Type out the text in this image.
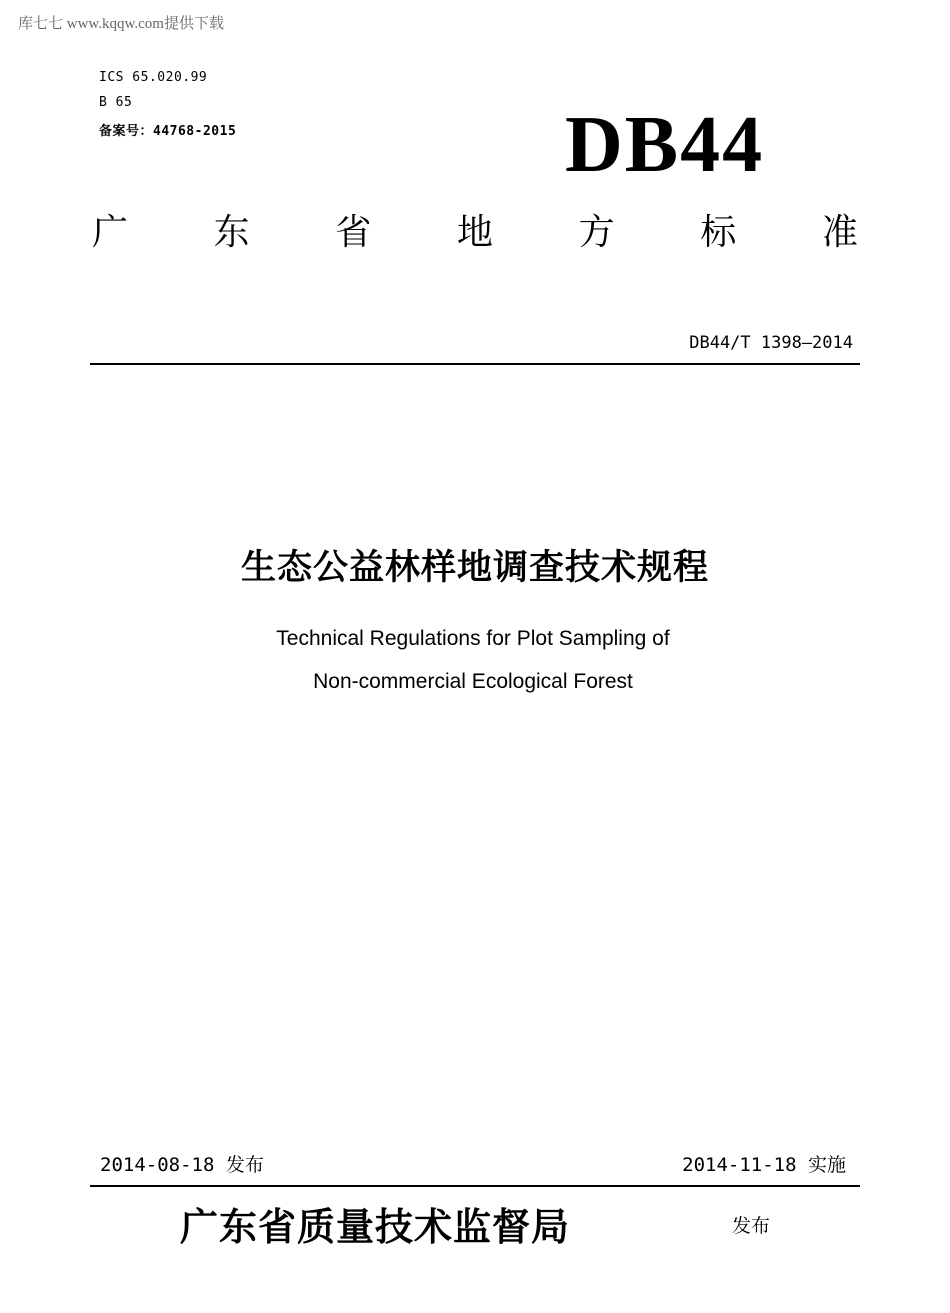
库七七 www.kqqw.com提供下载
ICS 65.020.99
B 65
备案号：44768-2015	DB44
广 东 省 地 方 标 准
DB44/T 1398—2014
生态公益林样地调查技术规程
Technical Regulations for Plot Sampling of
Non-commercial Ecological Forest
2014-08-18 发布	2014-11-18 实施
广东省质量技术监督局	发布
